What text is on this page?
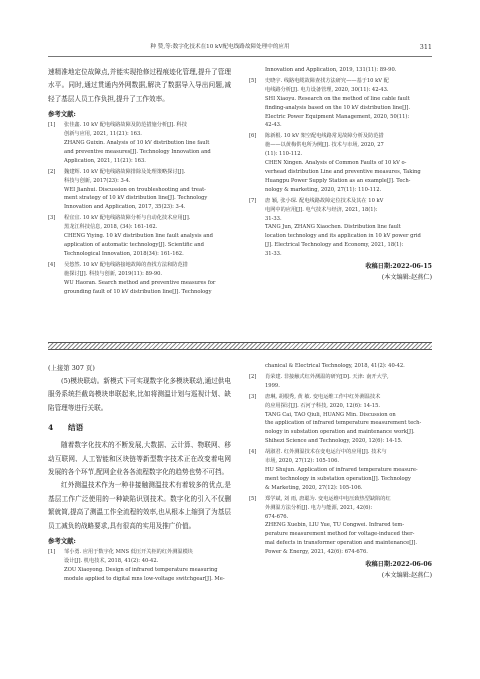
种 赞,等:数字化技术在10 kV配电线路故障处理中的应用	311

速精准地定位故障点,并能实现抢修过程痕迹化管理,提升了管理水平。同时,通过贯通内外网数据,解决了数据导入导出问题,减轻了基层人员工作负担,提升了工作效率。

参考文献:
[1] 张佳鑫. 10 kV 配电线路故障及防范措施分析[J]. 科技
创新与应用, 2021, 11(21): 163.
ZHANG Guixin. Analysis of 10 kV distribution line fault
and preventive measures[J]. Technology Innovation and
Application, 2021, 11(21): 163.
[2] 魏建辉. 10 kV 配电线路故障排除及处理策略探讨[J].
科技与创新, 2017(23): 3-4.
WEI Jianhui. Discussion on troubleshooting and treat-
ment strategy of 10 kV distribution line[J]. Technology
Innovation and Application, 2017, 35(23): 3-4.
[3] 程宜宜. 10 kV 配电线路故障分析与自动化技术应用[J].
黑龙江科技信息, 2018, (34): 161-162.
CHENG Yiying. 10 kV distribution line fault analysis and
application of automatic technology[J]. Scientific and
Technological Innovation, 2018(34): 161-162.
[4] 吴悠然. 10 kV 配电线路接地故障的查找方法和防范措
施探讨[J]. 科技与创新, 2019(11): 89-90.
WU Haoran. Search method and preventive measures for
grounding fault of 10 kV distribution line[J]. Technology
Innovation and Application, 2019, 131(11): 89-90.
[5] 史晓宇. 线路电缆故障查找方法研究——基于10 kV 配
电线路分析[J]. 电力设备管理, 2020, 30(11): 42-43.
SHI Xiaoyu. Research on the method of line cable fault
finding-analysis based on the 10 kV distribution line[J].
Electric Power Equipment Management, 2020, 50(11):
42-43.
[6] 陈新根. 10 kV 架空配电线路常见故障分析及防范措
施——以黄梅供电所为例[J]. 技术与市场, 2020, 27
(11): 110-112.
CHEN Xingen. Analysis of Common Faults of 10 kV o-
verhead distribution Line and preventive measures, Taking
Huangpu Power Supply Station as an example[J]. Tech-
nology & marketing, 2020, 27(11): 110-112.
[7] 唐 颖, 张小琛. 配电线路故障定位技术及其在 10 kV
电网中的应用[J]. 电气技术与经济, 2021, 18(1):
31-33.
TANG Jun, ZHANG Xiaochen. Distribution line fault
location technology and its application in 10 kV power grid
[J]. Electrical Technology and Economy, 2021, 18(1):
31-33.
收稿日期:2022-06-15
(本文编辑:赵燕仁)
(上接第 307 页)

(5)模块联动。新模式下可实现数字化多模块联动,通过供电服务系统拦截岛模块串联起来,比如将测温计划与巡视计划、缺陷管理等进行关联。

4 结语

随着数字化技术的不断发展,大数据、云计算、物联网、移动互联网、人工智能和区块链等新型数字技术正在改变着电网发展的各个环节,配网企业各各流程数字化的趋势也势不可挡。

红外测温技术作为一种非接触测温技术有着较多的优点,是基层工作广泛使用的一种缺陷识别技术。数字化的引入不仅删繁就简,提高了测温工作全流程的效率,也从根本上缩到了为基层员工减负的战略要求,具有很高的实用及推广价值。

参考文献:
[1] 邹小勇. 应用于数字化 MNS 低压开关柜的红外测温模块
设计[J]. 机电技术, 2018, 41(2): 40-42.
ZOU Xiaoyong. Design of infrared temperature measuring
module applied to digital mns low-voltage switchgear[J]. Me-
chanical & Electrical Technology, 2018, 41(2): 40-42.
[2] 肖荣建. 非接触式红外测温的研究[D]. 天津: 南开大学,
1999.
[3] 唐琳, 胡根秀, 黄 敏. 变电运维工作中红外测温技术
的应用探讨[J]. 石河子科技, 2020, 12(6): 14-15.
TANG Cai, TAO Qiuli, HUANG Min. Discussion on
the application of infrared temperature measurement tech-
nology in substation operation and maintenance work[J].
Shihezi Science and Technology, 2020, 12(6): 14-15.
[4] 胡淑君. 红外测温技术在变电运行中的应用[J]. 技术与
市场, 2020, 27(12): 105-106.
HU Shujun. Application of infrared temperature measure-
ment technology in substation operation[J]. Technology
& Marketing, 2020, 27(12): 105-106.
[5] 郑学斌, 刘 雨, 唐聪为. 变电运维中电压致热型缺陷的红
外测温方法分析[J]. 电力与能源, 2021, 42(6):
674-676.
ZHENG Xuebin, LIU Yue, TU Congwei. Infrared tem-
perature measurement method for voltage-induced ther-
mal defects in transformer operation and maintenance[J].
Power & Energy, 2021, 42(6): 674-676.
收稿日期:2022-06-06
(本文编辑:赵燕仁)
